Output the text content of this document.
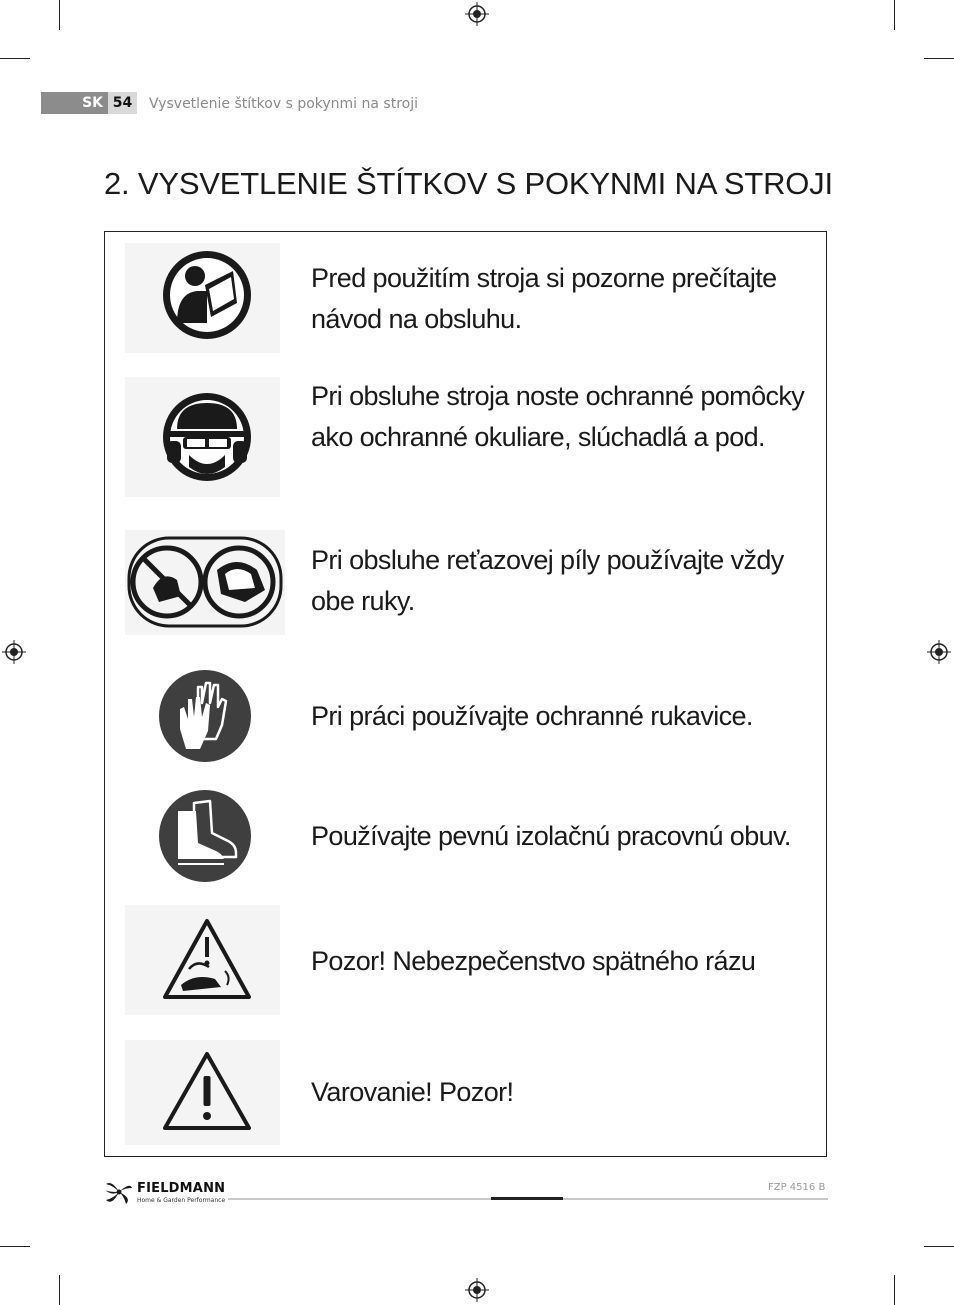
SK 54	Vysvetlenie štítkov s pokynmi na stroji
2. VYSVETLENIE ŠTÍTKOV S POKYNMI NA STROJI
Pred použitím stroja si pozorne prečítajte návod na obsluhu.
Pri obsluhe stroja noste ochranné pomôcky ako ochranné okuliare, slúchadlá a pod.
Pri obsluhe reťazovej píly používajte vždy obe ruky.
Pri práci používajte ochranné rukavice.
Používajte pevnú izolačnú pracovnú obuv.
Pozor! Nebezpečenstvo spätného rázu
Varovanie! Pozor!
FIELDMANN
Home & Garden Performance
FZP 4516 B
